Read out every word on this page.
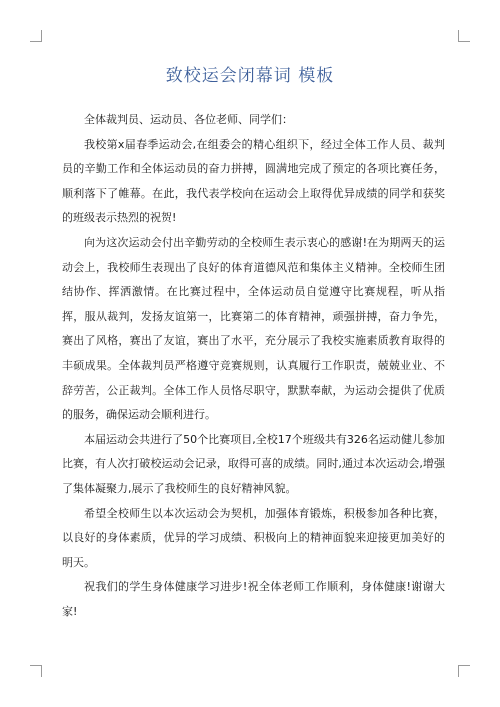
致校运会闭幕词 模板

全体裁判员、运动员、各位老师、同学们：

我校第x届春季运动会,在组委会的精心组织下，经过全体工作人员、裁判员的辛勤工作和全体运动员的奋力拼搏，圆满地完成了预定的各项比赛任务，顺利落下了帷幕。在此，我代表学校向在运动会上取得优异成绩的同学和获奖的班级表示热烈的祝贺!

向为这次运动会付出辛勤劳动的全校师生表示衷心的感谢!在为期两天的运动会上，我校师生表现出了良好的体育道德风范和集体主义精神。全校师生团结协作、挥洒激情。在比赛过程中，全体运动员自觉遵守比赛规程，听从指挥，服从裁判，发扬友谊第一，比赛第二的体育精神，顽强拼搏，奋力争先，赛出了风格，赛出了友谊，赛出了水平，充分展示了我校实施素质教育取得的丰硕成果。全体裁判员严格遵守竞赛规则，认真履行工作职责，兢兢业业、不辞劳苦，公正裁判。全体工作人员恪尽职守，默默奉献，为运动会提供了优质的服务，确保运动会顺利进行。

本届运动会共进行了50个比赛项目,全校17个班级共有326名运动健儿参加比赛，有人次打破校运动会记录，取得可喜的成绩。同时,通过本次运动会,增强了集体凝聚力,展示了我校师生的良好精神风貌。

希望全校师生以本次运动会为契机，加强体育锻炼，积极参加各种比赛，以良好的身体素质，优异的学习成绩、积极向上的精神面貌来迎接更加美好的明天。

祝我们的学生身体健康学习进步!祝全体老师工作顺利，身体健康!谢谢大家!
